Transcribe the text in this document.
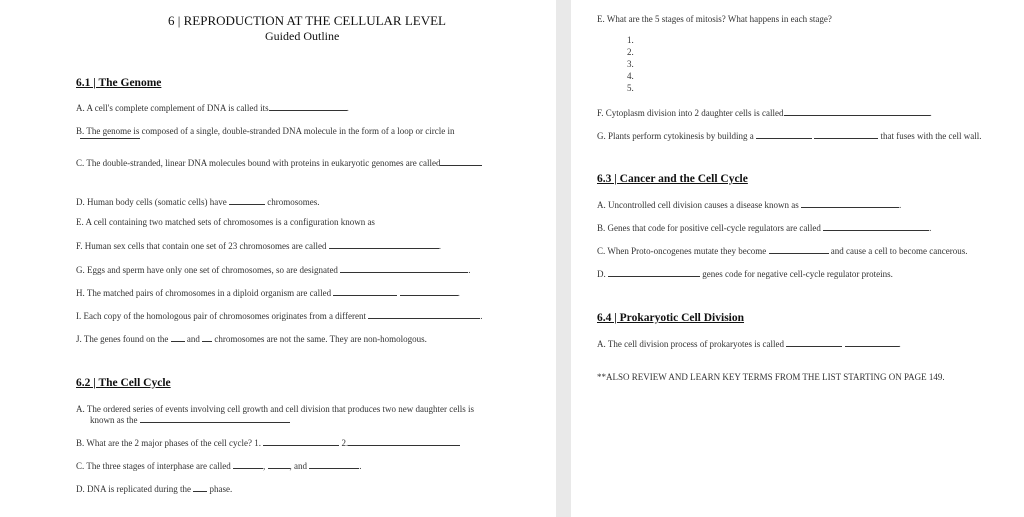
6 | REPRODUCTION AT THE CELLULAR LEVEL
Guided Outline
6.1 | The Genome
A. A cell's complete complement of DNA is called its	.
B. The genome is composed of a single, double-stranded DNA molecule in the form of a loop or circle in
C. The double-stranded, linear DNA molecules bound with proteins in eukaryotic genomes are called
D. Human body cells (somatic cells) have	chromosomes.
E. A cell containing two matched sets of chromosomes is a configuration known as
F. Human sex cells that contain one set of 23 chromosomes are called	.
G. Eggs and sperm have only one set of chromosomes, so are designated	.
H. The matched pairs of chromosomes in a diploid organism are called	.
I. Each copy of the homologous pair of chromosomes originates from a different	.
J. The genes found on the and chromosomes are not the same. They are non-homologous.
6.2 | The Cell Cycle
A. The ordered series of events involving cell growth and cell division that produces two new daughter cells is
known as the
B. What are the 2 major phases of the cell cycle? 1.	2.
C. The three stages of interphase are called	, , and	.
D. DNA is replicated during the phase.
E. What are the 5 stages of mitosis? What happens in each stage?
1.
2.
3.
4.
5.
F. Cytoplasm division into 2 daughter cells is called	.
G. Plants perform cytokinesis by building a	that fuses with the cell wall.
6.3 | Cancer and the Cell Cycle
A. Uncontrolled cell division causes a disease known as	.
B. Genes that code for positive cell-cycle regulators are called	.
C. When Proto-oncogenes mutate they become	and cause a cell to become cancerous.
D.	genes code for negative cell-cycle regulator proteins.
6.4 | Prokaryotic Cell Division
A. The cell division process of prokaryotes is called	.
**ALSO REVIEW AND LEARN KEY TERMS FROM THE LIST STARTING ON PAGE 149.
